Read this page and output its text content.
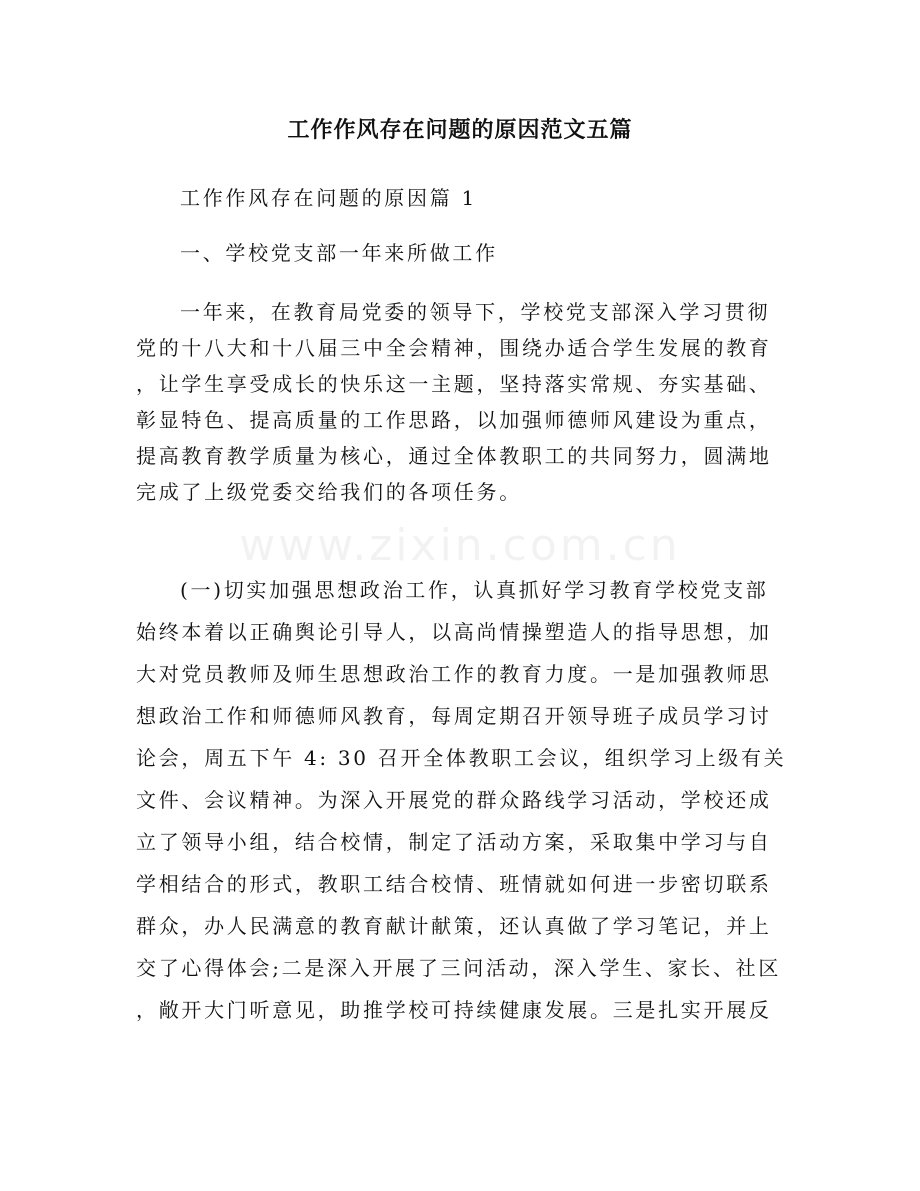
www.zixin.com.cn
工作作风存在问题的原因范文五篇
工作作风存在问题的原因篇 1
一、学校党支部一年来所做工作
一年来，在教育局党委的领导下，学校党支部深入学习贯彻
党的十八大和十八届三中全会精神，围绕办适合学生发展的教育
，让学生享受成长的快乐这一主题，坚持落实常规、夯实基础、
彰显特色、提高质量的工作思路，以加强师德师风建设为重点，
提高教育教学质量为核心，通过全体教职工的共同努力，圆满地
完成了上级党委交给我们的各项任务。
(一)切实加强思想政治工作，认真抓好学习教育学校党支部
始终本着以正确舆论引导人，以高尚情操塑造人的指导思想，加
大对党员教师及师生思想政治工作的教育力度。一是加强教师思
想政治工作和师德师风教育，每周定期召开领导班子成员学习讨
论会，周五下午 4: 30 召开全体教职工会议，组织学习上级有关
文件、会议精神。为深入开展党的群众路线学习活动，学校还成
立了领导小组，结合校情，制定了活动方案，采取集中学习与自
学相结合的形式，教职工结合校情、班情就如何进一步密切联系
群众，办人民满意的教育献计献策，还认真做了学习笔记，并上
交了心得体会;二是深入开展了三问活动，深入学生、家长、社区
，敞开大门听意见，助推学校可持续健康发展。三是扎实开展反
